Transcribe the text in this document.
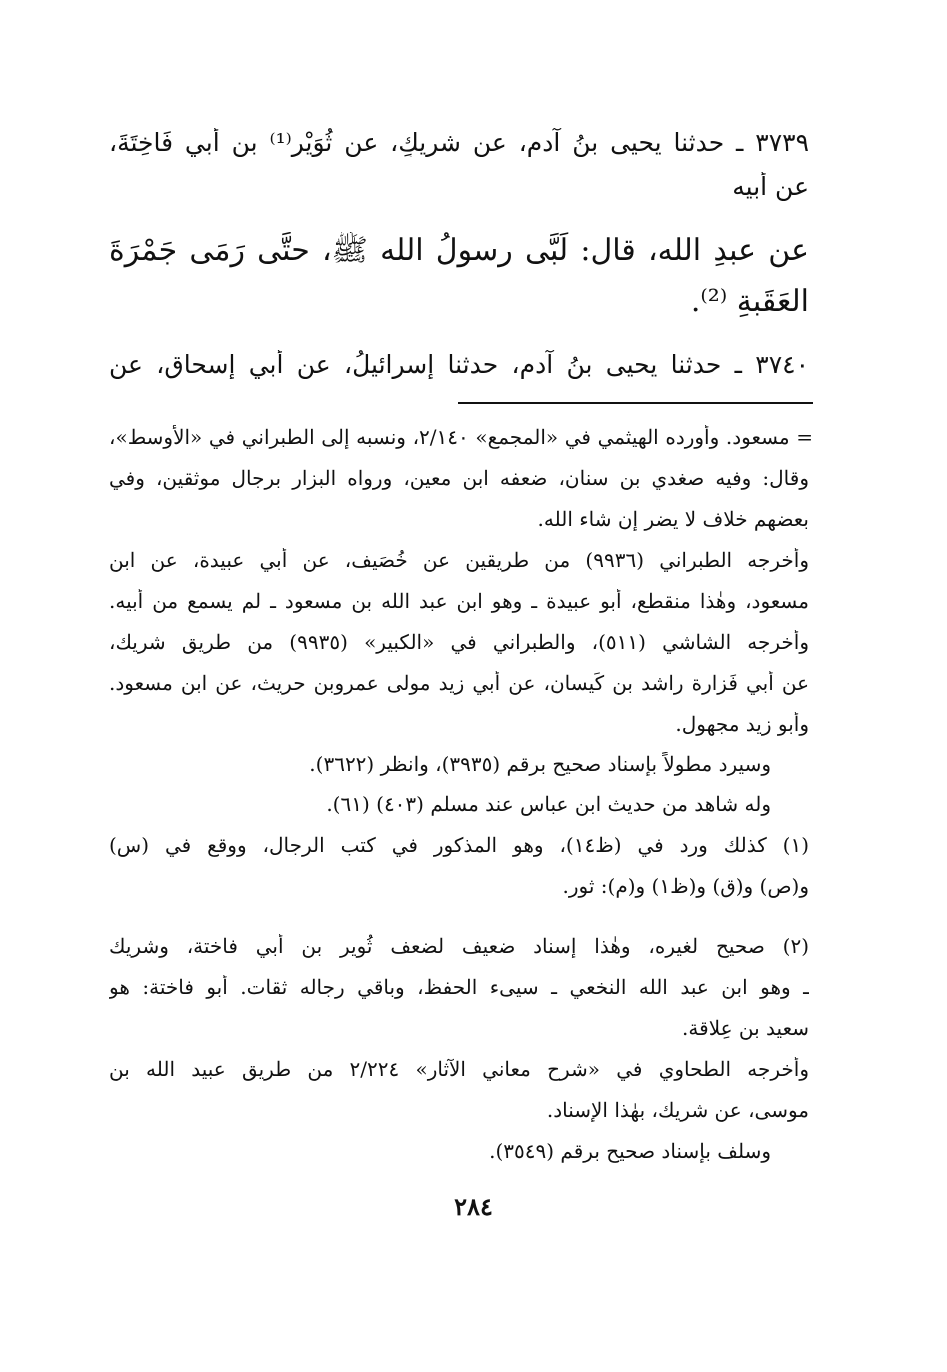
٣٧٣٩ ـ حدثنا يحيى بنُ آدم، عن شريكٍ، عن ثُوَيْر⁽¹⁾ بن أَبي فَاخِتَةَ،
عن أبيه
عن عبدِ الله، قال: لَبَّى رسولُ الله ﷺ، حتَّى رَمَى جَمْرَةَ
العَقَبةِ ⁽²⁾.
٣٧٤٠ ـ حدثنا يحيى بنُ آدم، حدثنا إسرائيلُ، عن أَبي إِسحاق، عن
= مسعود. وأورده الهيثمي في «المجمع» ٢/١٤٠، ونسبه إلى الطبراني في «الأوسط»،
وقال: وفيه صغدي بن سنان، ضعفه ابن معين، ورواه البزار برجال موثقين، وفي
بعضهم خلاف لا يضر إن شاء الله.
وأخرجه الطبراني (٩٩٣٦) من طريقين عن خُصَيف، عن أبي عبيدة، عن ابن
مسعود، وهٰذا منقطع، أبو عبيدة ـ وهو ابن عبد الله بن مسعود ـ لم يسمع من أبيه.
وأخرجه الشاشي (٥١١)، والطبراني في «الكبير» (٩٩٣٥) من طريق شريك،
عن أبي فَزارة راشد بن كَيسان، عن أبي زيد مولى عمروبن حريث، عن ابن مسعود.
وأبو زيد مجهول.
وسيرد مطولاً بإسناد صحيح برقم (٣٩٣٥)، وانظر (٣٦٢٢).
وله شاهد من حديث ابن عباس عند مسلم (٤٠٣) (٦١).
(١) كذلك ورد في (ظ١٤)، وهو المذكور في كتب الرجال، ووقع في (س)
و(ص) و(ق) و(ظ١) و(م): ثور.
(٢) صحيح لغيره، وهٰذا إسناد ضعيف لضعف ثُوير بن أبي فاختة، وشريك
ـ وهو ابن عبد الله النخعي ـ سيىء الحفظ، وباقي رجاله ثقات. أبو فاختة: هو
سعيد بن عِلاقة.
وأخرجه الطحاوي في «شرح معاني الآثار» ٢/٢٢٤ من طريق عبيد الله بن
موسى، عن شريك، بهٰذا الإسناد.
وسلف بإسناد صحيح برقم (٣٥٤٩).
٢٨٤
